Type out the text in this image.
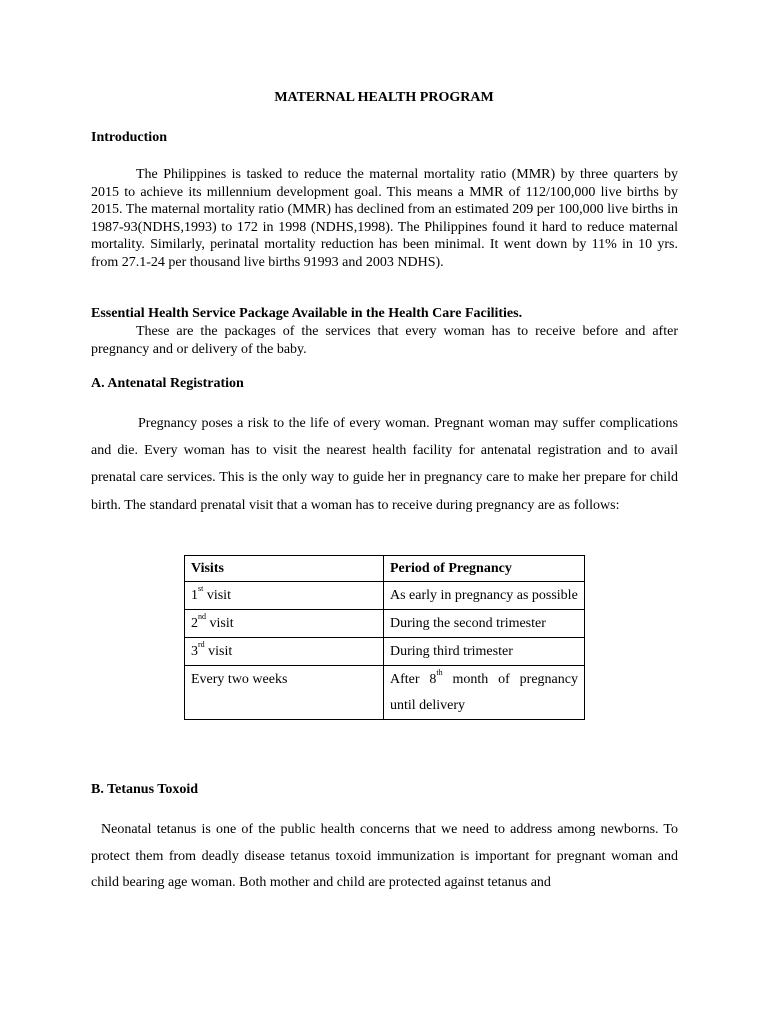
MATERNAL HEALTH PROGRAM
Introduction

The Philippines is tasked to reduce the maternal mortality ratio (MMR) by three quarters by 2015 to achieve its millennium development goal. This means a MMR of 112/100,000 live births by 2015. The maternal mortality ratio (MMR) has declined from an estimated 209 per 100,000 live births in 1987-93(NDHS,1993) to 172 in 1998 (NDHS,1998). The Philippines found it hard to reduce maternal mortality. Similarly, perinatal mortality reduction has been minimal. It went down by 11% in 10 yrs. from 27.1-24 per thousand live births 91993 and 2003 NDHS).

Essential Health Service Package Available in the Health Care Facilities.

These are the packages of the services that every woman has to receive before and after pregnancy and or delivery of the baby.

A. Antenatal Registration

Pregnancy poses a risk to the life of every woman. Pregnant woman may suffer complications and die. Every woman has to visit the nearest health facility for antenatal registration and to avail prenatal care services. This is the only way to guide her in pregnancy care to make her prepare for child birth. The standard prenatal visit that a woman has to receive during pregnancy are as follows:

Visits	Period of Pregnancy
1st visit	As early in pregnancy as possible
2nd visit	During the second trimester
3rd visit	During third trimester
Every two weeks	After 8th month of pregnancy until delivery
B. Tetanus Toxoid

Neonatal tetanus is one of the public health concerns that we need to address among newborns. To protect them from deadly disease tetanus toxoid immunization is important for pregnant woman and child bearing age woman. Both mother and child are protected against tetanus and
